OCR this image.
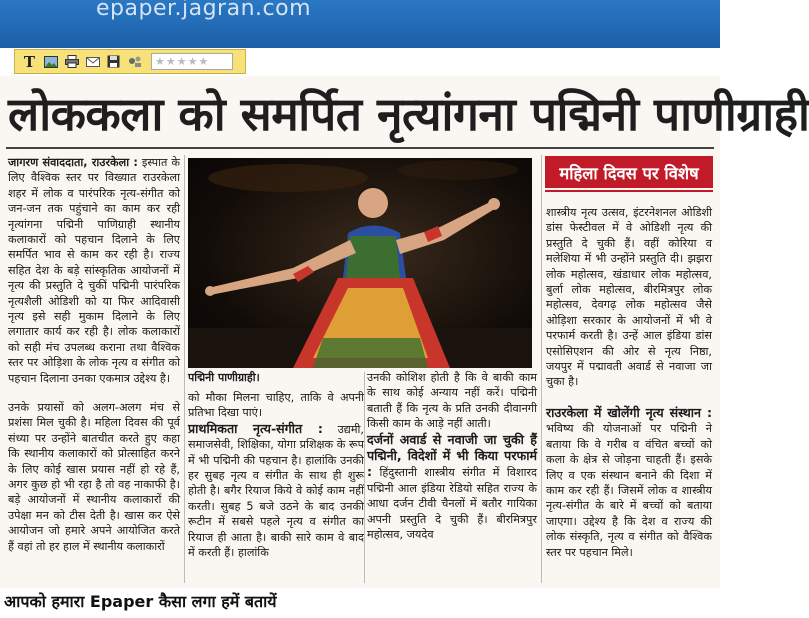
epaper.jagran.com
T	★ ★ ★ ★ ★
लोककला को समर्पित नृत्यांगना पद्मिनी पाणीग्राही
जागरण संवाददाता, राउरकेला : इस्पात के लिए वैश्विक स्तर पर विख्यात राउरकेला शहर में लोक व पारंपरिक नृत्य-संगीत को जन-जन तक पहुंचाने का काम कर रही नृत्यांगना पद्मिनी पाणिग्राही स्थानीय कलाकारों को पहचान दिलाने के लिए समर्पित भाव से काम कर रही है। राज्य सहित देश के बड़े सांस्कृतिक आयोजनों में नृत्य की प्रस्तुति दे चुकीं पद्मिनी पारंपरिक नृत्यशैली ओडिशी को या फिर आदिवासी नृत्य इसे सही मुकाम दिलाने के लिए लगातार कार्य कर रही है। लोक कलाकारों को सही मंच उपलब्ध कराना तथा वैश्विक स्तर पर ओड़िशा के लोक नृत्य व संगीत को पहचान दिलाना उनका एकमात्र उद्देश्य है।
उनके प्रयासों को अलग-अलग मंच से प्रशंसा मिल चुकी है। महिला दिवस की पूर्व संध्या पर उन्होंने बातचीत करते हुए कहा कि स्थानीय कलाकारों को प्रोत्साहित करने के लिए कोई खास प्रयास नहीं हो रहे हैं, अगर कुछ हो भी रहा है तो वह नाकाफी है। बड़े आयोजनों में स्थानीय कलाकारों की उपेक्षा मन को टीस देती है। खास कर ऐसे आयोजन जो हमारे अपने आयोजित करते हैं वहां तो हर हाल में स्थानीय कलाकारों
पद्मिनी पाणीग्राही।
को मौका मिलना चाहिए, ताकि वे अपनी प्रतिभा दिखा पाएं।
प्राथमिकता नृत्य-संगीत : उद्यमी, समाजसेवी, शिक्षिका, योगा प्रशिक्षक के रूप में भी पद्मिनी की पहचान है। हालांकि उनकी हर सुबह नृत्य व संगीत के साथ ही शुरू होती है। बगैर रियाज किये वे कोई काम नहीं करती। सुबह 5 बजे उठने के बाद उनकी रूटीन में सबसे पहले नृत्य व संगीत का रियाज ही आता है। बाकी सारे काम वे बाद में करती हैं। हालांकि
उनकी कोशिश होती है कि वे बाकी काम के साथ कोई अन्याय नहीं करें। पद्मिनी बताती हैं कि नृत्य के प्रति उनकी दीवानगी किसी काम के आड़े नहीं आती।
दर्जनों अवार्ड से नवाजी जा चुकी हैं पद्मिनी, विदेशों में भी किया परफार्म : हिंदुस्तानी शास्त्रीय संगीत में विशारद पद्मिनी आल इंडिया रेडियो सहित राज्य के आधा दर्जन टीवी चैनलों में बतौर गायिका अपनी प्रस्तुति दे चुकी हैं। बीरमित्रपुर महोत्सव, जयदेव
महिला दिवस पर विशेष
शास्त्रीय नृत्य उत्सव, इंटरनेशनल ओडिशी डांस फेस्टीवल में वे ओडिशी नृत्य की प्रस्तुति दे चुकी हैं। वहीं कोरिया व मलेशिया में भी उन्होंने प्रस्तुति दी। झझरा लोक महोत्सव, खंडाधार लोक महोत्सव, बुर्ला लोक महोत्सव, बीरमित्रपुर लोक महोत्सव, देवगढ़ लोक महोत्सव जैसे ओड़िशा सरकार के आयोजनों में भी वे परफार्म करती है। उन्हें आल इंडिया डांस एसोसिएशन की ओर से नृत्य निष्ठा, जयपुर में पद्मावती अवार्ड से नवाजा जा चुका है।
राउरकेला में खोलेंगी नृत्य संस्थान : भविष्य की योजनाओं पर पद्मिनी ने बताया कि वे गरीब व वंचित बच्चों को कला के क्षेत्र से जोड़ना चाहती हैं। इसके लिए व एक संस्थान बनाने की दिशा में काम कर रही हैं। जिसमें लोक व शास्त्रीय नृत्य-संगीत के बारे में बच्चों को बताया जाएगा। उद्देश्य है कि देश व राज्य की लोक संस्कृति, नृत्य व संगीत को वैश्विक स्तर पर पहचान मिले।
आपको हमारा Epaper कैसा लगा हमें बतायें
